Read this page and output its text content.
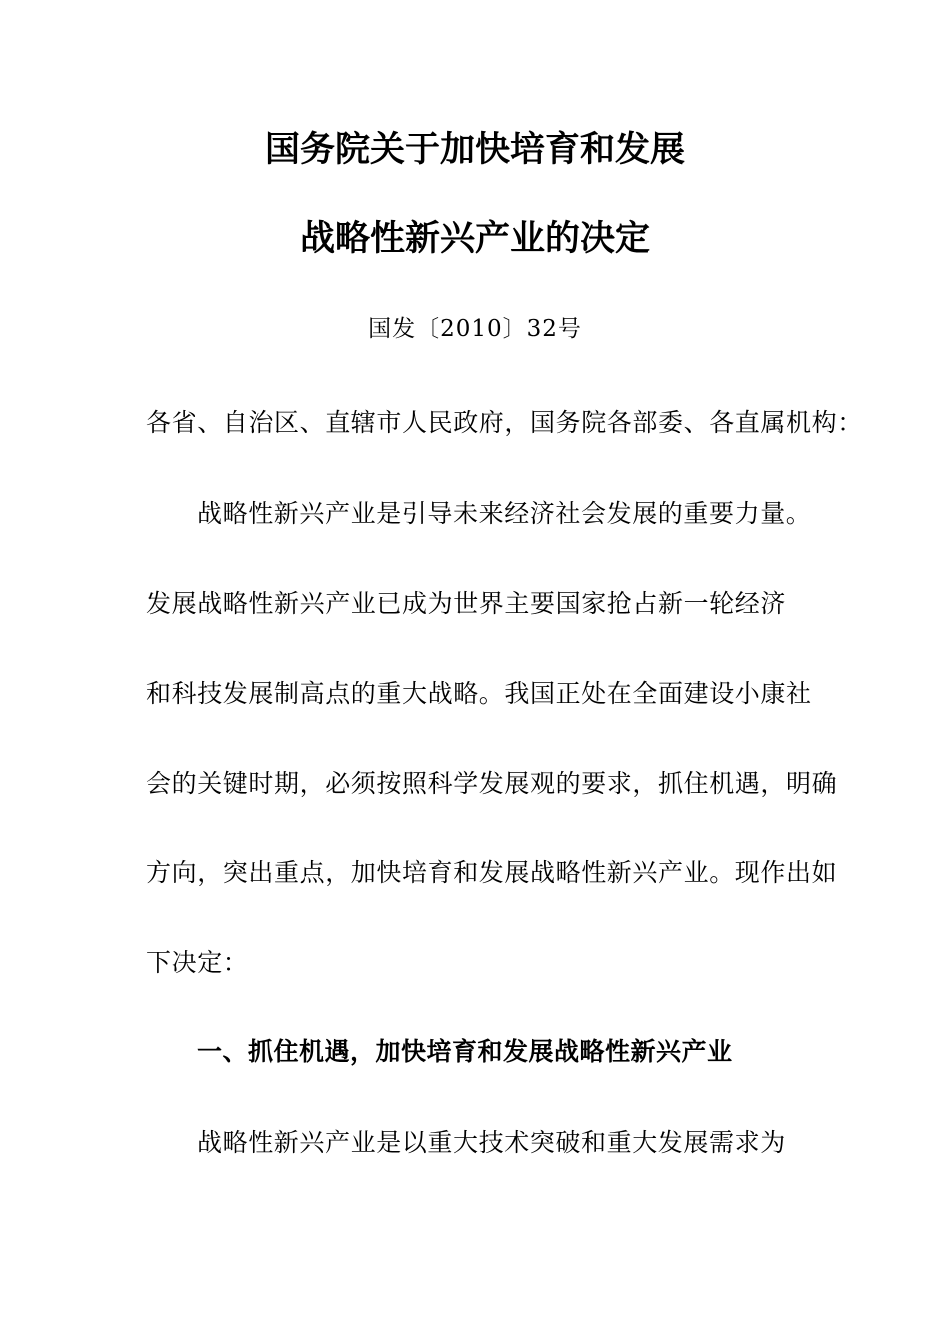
国务院关于加快培育和发展
战略性新兴产业的决定
国发〔2010〕32号
各省、自治区、直辖市人民政府，国务院各部委、各直属机构：
战略性新兴产业是引导未来经济社会发展的重要力量。
发展战略性新兴产业已成为世界主要国家抢占新一轮经济
和科技发展制高点的重大战略。我国正处在全面建设小康社
会的关键时期，必须按照科学发展观的要求，抓住机遇，明确
方向，突出重点，加快培育和发展战略性新兴产业。现作出如
下决定：
一、抓住机遇，加快培育和发展战略性新兴产业
战略性新兴产业是以重大技术突破和重大发展需求为
